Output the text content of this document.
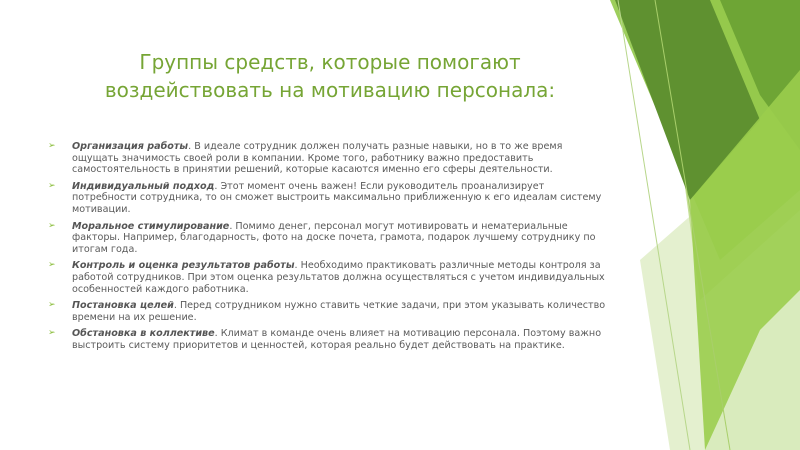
Группы средств, которые помогают
воздействовать на мотивацию персонала:
➢ Организация работы. В идеале сотрудник должен получать разные навыки, но в то же время ощущать значимость своей роли в компании. Кроме того, работнику важно предоставить самостоятельность в принятии решений, которые касаются именно его сферы деятельности.
➢ Индивидуальный подход. Этот момент очень важен! Если руководитель проанализирует потребности сотрудника, то он сможет выстроить максимально приближенную к его идеалам систему мотивации.
➢ Моральное стимулирование. Помимо денег, персонал могут мотивировать и нематериальные факторы. Например, благодарность, фото на доске почета, грамота, подарок лучшему сотруднику по итогам года.
➢ Контроль и оценка результатов работы. Необходимо практиковать различные методы контроля за работой сотрудников. При этом оценка результатов должна осуществляться с учетом индивидуальных особенностей каждого работника.
➢ Постановка целей. Перед сотрудником нужно ставить четкие задачи, при этом указывать количество времени на их решение.
➢ Обстановка в коллективе. Климат в команде очень влияет на мотивацию персонала. Поэтому важно выстроить систему приоритетов и ценностей, которая реально будет действовать на практике.
